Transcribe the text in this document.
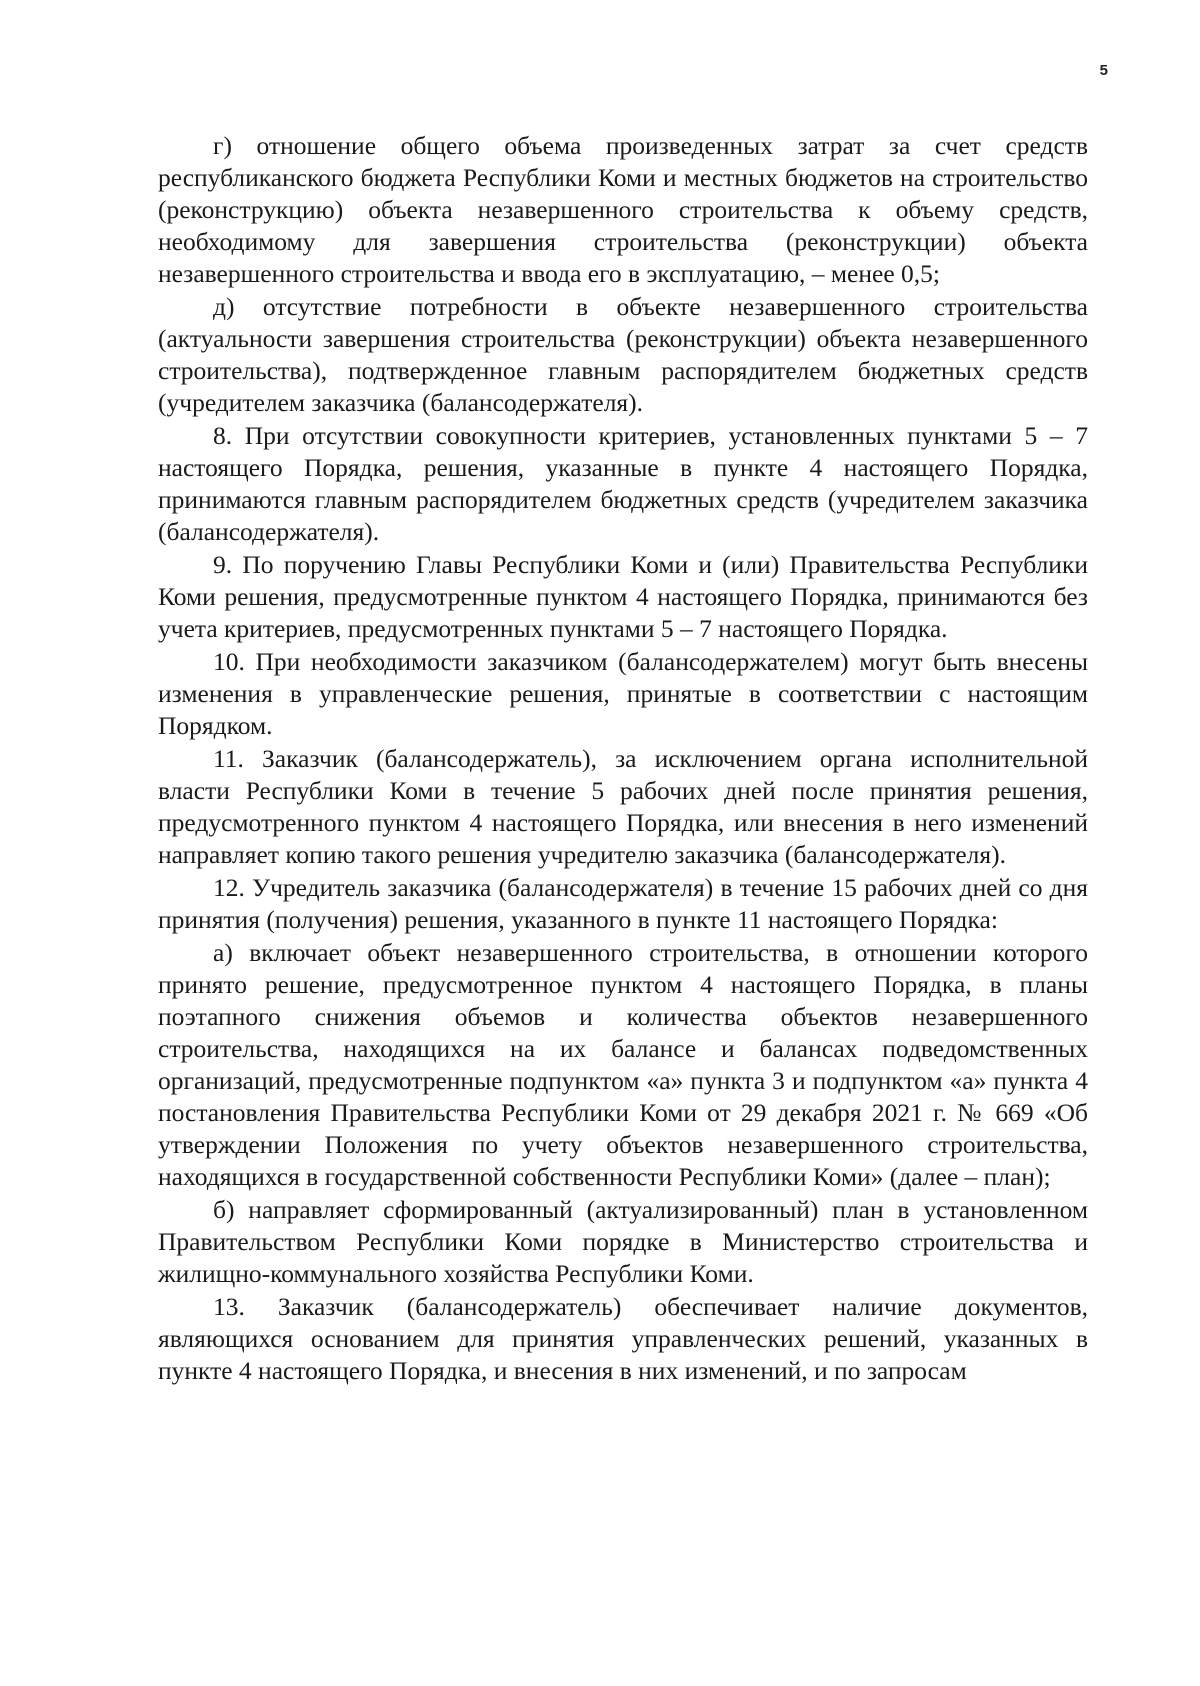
5

г) отношение общего объема произведенных затрат за счет средств республиканского бюджета Республики Коми и местных бюджетов на строительство (реконструкцию) объекта незавершенного строительства к объему средств, необходимому для завершения строительства (реконструкции) объекта незавершенного строительства и ввода его в эксплуатацию, – менее 0,5;

д) отсутствие потребности в объекте незавершенного строительства (актуальности завершения строительства (реконструкции) объекта незавершенного строительства), подтвержденное главным распорядителем бюджетных средств (учредителем заказчика (балансодержателя).

8. При отсутствии совокупности критериев, установленных пунктами 5 – 7 настоящего Порядка, решения, указанные в пункте 4 настоящего Порядка, принимаются главным распорядителем бюджетных средств (учредителем заказчика (балансодержателя).

9. По поручению Главы Республики Коми и (или) Правительства Республики Коми решения, предусмотренные пунктом 4 настоящего Порядка, принимаются без учета критериев, предусмотренных пунктами 5 – 7 настоящего Порядка.

10. При необходимости заказчиком (балансодержателем) могут быть внесены изменения в управленческие решения, принятые в соответствии с настоящим Порядком.

11. Заказчик (балансодержатель), за исключением органа исполнительной власти Республики Коми в течение 5 рабочих дней после принятия решения, предусмотренного пунктом 4 настоящего Порядка, или внесения в него изменений направляет копию такого решения учредителю заказчика (балансодержателя).

12. Учредитель заказчика (балансодержателя) в течение 15 рабочих дней со дня принятия (получения) решения, указанного в пункте 11 настоящего Порядка:

а) включает объект незавершенного строительства, в отношении которого принято решение, предусмотренное пунктом 4 настоящего Порядка, в планы поэтапного снижения объемов и количества объектов незавершенного строительства, находящихся на их балансе и балансах подведомственных организаций, предусмотренные подпунктом «а» пункта 3 и подпунктом «а» пункта 4 постановления Правительства Республики Коми от 29 декабря 2021 г. № 669 «Об утверждении Положения по учету объектов незавершенного строительства, находящихся в государственной собственности Республики Коми» (далее – план);

б) направляет сформированный (актуализированный) план в установленном Правительством Республики Коми порядке в Министерство строительства и жилищно-коммунального хозяйства Республики Коми.

13. Заказчик (балансодержатель) обеспечивает наличие документов, являющихся основанием для принятия управленческих решений, указанных в пункте 4 настоящего Порядка, и внесения в них изменений, и по запросам
